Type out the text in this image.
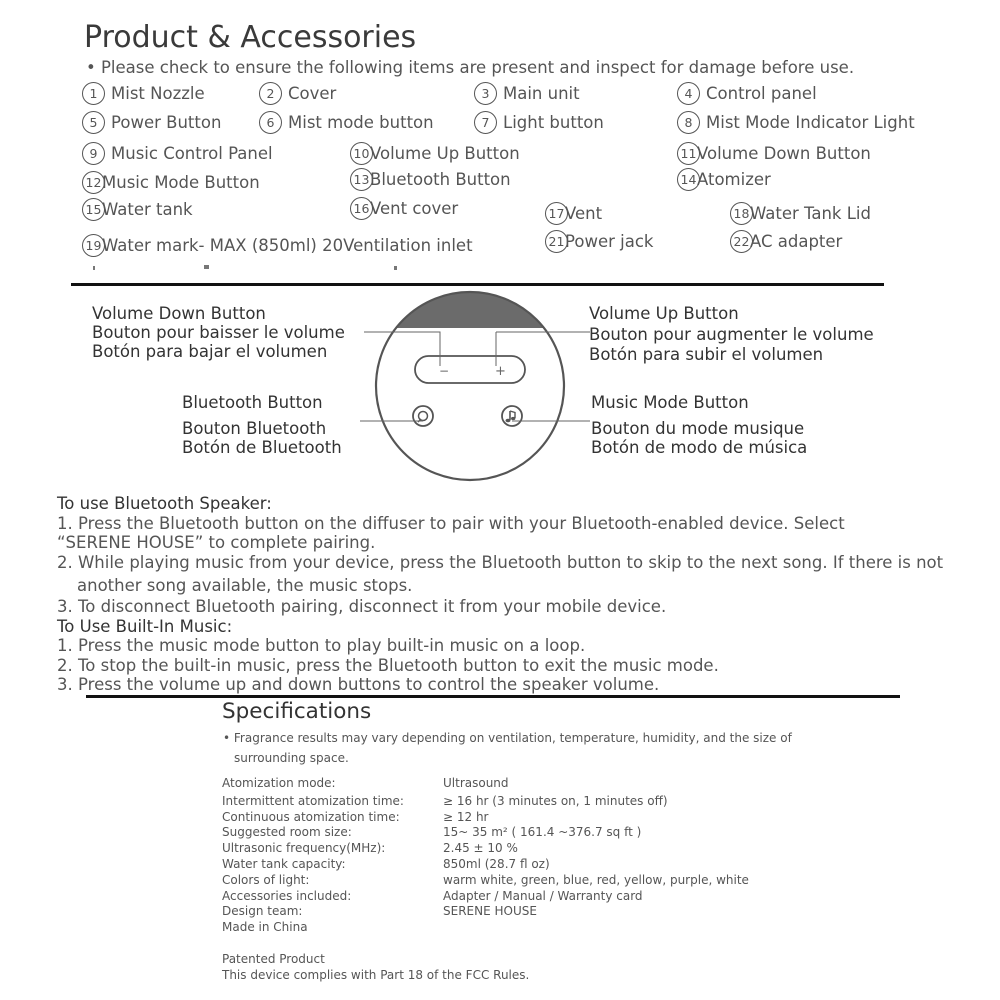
Product & Accessories
• Please check to ensure the following items are present and inspect for damage before use.
1 Mist Nozzle	2 Cover	3 Main unit	4 Control panel
5 Power Button	6 Mist mode button	7 Light button	8 Mist Mode Indicator Light
9 Music Control Panel	10 Volume Up Button	11 Volume Down Button
12 Music Mode Button	13 Bluetooth Button	14 Atomizer
15 Water tank	16 Vent cover	17 Vent	18 Water Tank Lid
19 Water mark- MAX (850ml) 20Ventilation inlet	21 Power jack	22 AC adapter
−	+
Volume Down Button
Bouton pour baisser le volume
Botón para bajar el volumen
Volume Up Button
Bouton pour augmenter le volume
Botón para subir el volumen
Bluetooth Button
Bouton Bluetooth
Botón de Bluetooth
Music Mode Button
Bouton du mode musique
Botón de modo de música
To use Bluetooth Speaker:
1. Press the Bluetooth button on the diffuser to pair with your Bluetooth-enabled device. Select
“SERENE HOUSE” to complete pairing.
2. While playing music from your device, press the Bluetooth button to skip to the next song. If there is not
another song available, the music stops.
3. To disconnect Bluetooth pairing, disconnect it from your mobile device.
To Use Built-In Music:
1. Press the music mode button to play built-in music on a loop.
2. To stop the built-in music, press the Bluetooth button to exit the music mode.
3. Press the volume up and down buttons to control the speaker volume.
Specifications
• Fragrance results may vary depending on ventilation, temperature, humidity, and the size of
surrounding space.
Atomization mode:	Ultrasound
Intermittent atomization time:	≥ 16 hr (3 minutes on, 1 minutes off)
Continuous atomization time:	≥ 12 hr
Suggested room size:	15~ 35 m² ( 161.4 ~376.7 sq ft )
Ultrasonic frequency(MHz):	2.45 ± 10 %
Water tank capacity:	850ml (28.7 fl oz)
Colors of light:	warm white, green, blue, red, yellow, purple, white
Accessories included:	Adapter / Manual / Warranty card
Design team:	SERENE HOUSE
Made in China
Patented Product
This device complies with Part 18 of the FCC Rules.
